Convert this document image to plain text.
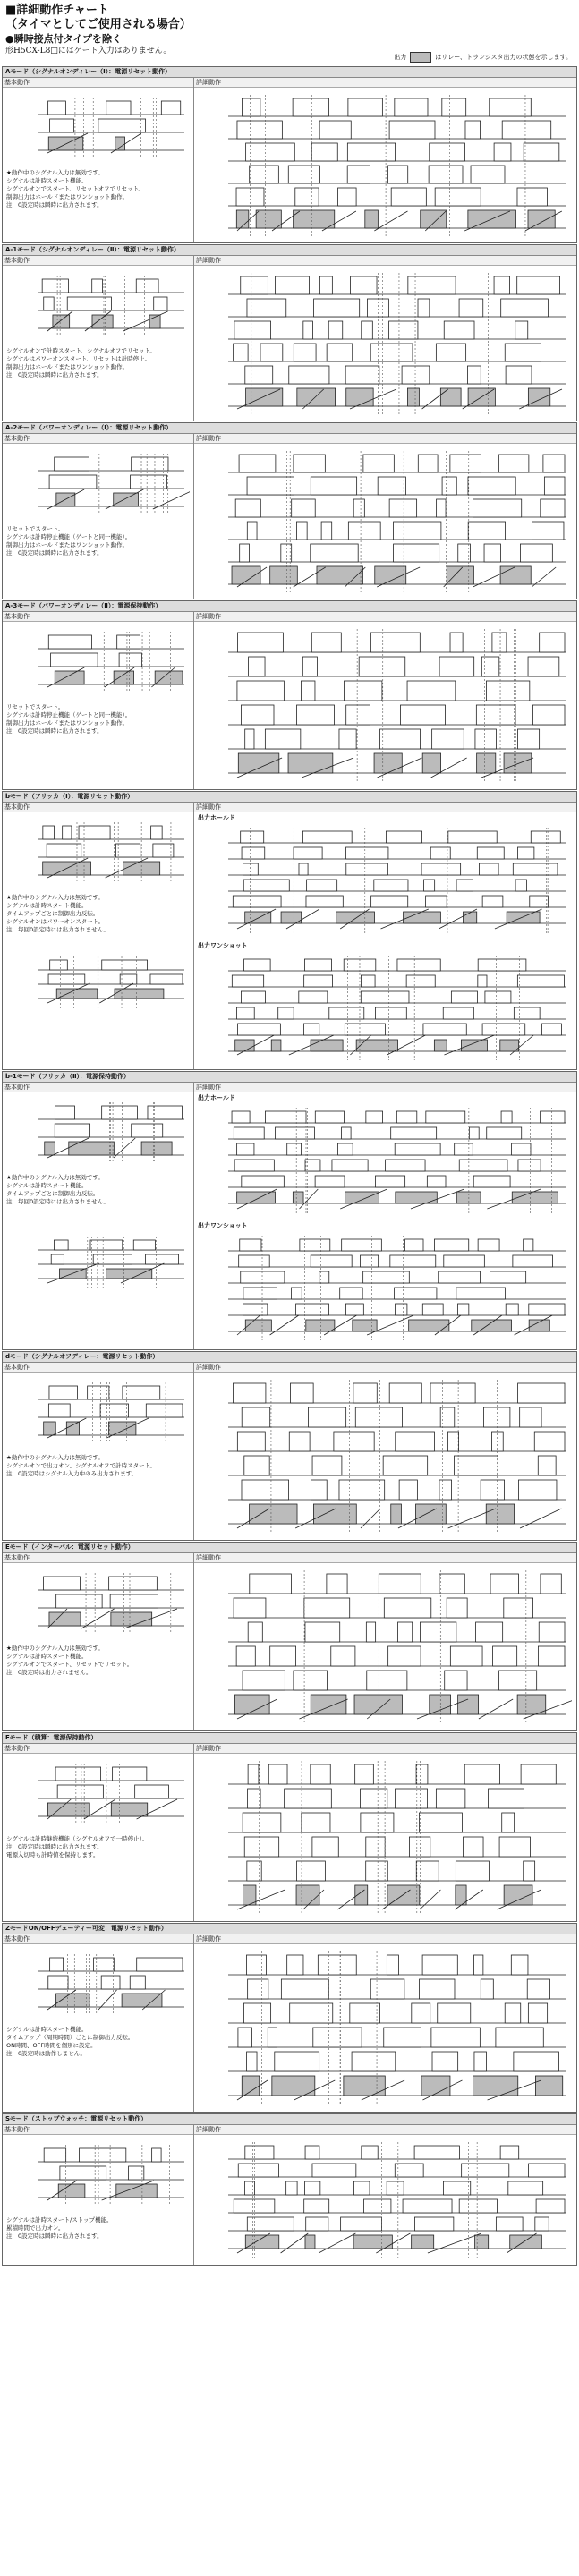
■詳細動作チャート
（タイマとしてご使用される場合）
●瞬時接点付タイプを除く
形H5CX-L8□にはゲート入力はありません。
出力	はリレー、トランジスタ出力の状態を示します。
Aモード（シグナルオンディレー（Ⅰ）：電源リセット動作）
基本動作
★動作中のシグナル入力は無効です。
シグナルは計時スタート機能。
シグナルオンでスタート、リセットオフでリセット。
制御出力はホールドまたはワンショット動作。
注．0設定時は瞬時に出力されます。
詳細動作
A-1モード（シグナルオンディレー（Ⅱ）：電源リセット動作）
基本動作
シグナルオンで計時スタート、シグナルオフでリセット。
シグナルはパワーオンスタート、リセットは計時停止。
制御出力はホールドまたはワンショット動作。
注．0設定時は瞬時に出力されます。
詳細動作
A-2モード（パワーオンディレー（Ⅰ）：電源リセット動作）
基本動作
リセットでスタート。
シグナルは計時停止機能（ゲートと同一機能）。
制御出力はホールドまたはワンショット動作。
注．0設定時は瞬時に出力されます。
詳細動作
A-3モード（パワーオンディレー（Ⅱ）：電源保持動作）
基本動作
リセットでスタート。
シグナルは計時停止機能（ゲートと同一機能）。
制御出力はホールドまたはワンショット動作。
注．0設定時は瞬時に出力されます。
詳細動作
bモード（フリッカ（Ⅰ）：電源リセット動作）
基本動作
★動作中のシグナル入力は無効です。
シグナルは計時スタート機能。
タイムアップごとに制御出力反転。
シグナルオンはパワーオンスタート。
注．毎回0設定時には出力されません。
詳細動作
出力ホールド
出力ワンショット
b-1モード（フリッカ（Ⅱ）：電源保持動作）
基本動作
★動作中のシグナル入力は無効です。
シグナルは計時スタート機能。
タイムアップごとに制御出力反転。
注．毎回0設定時には出力されません。
詳細動作
出力ホールド
出力ワンショット
dモード（シグナルオフディレー：電源リセット動作）
基本動作
★動作中のシグナル入力は無効です。
シグナルオンで出力オン、シグナルオフで計時スタート。
注．0設定時はシグナル入力中のみ出力されます。
詳細動作
Eモード（インターバル：電源リセット動作）
基本動作
★動作中のシグナル入力は無効です。
シグナルは計時スタート機能。
シグナルオンでスタート、リセットでリセット。
注．0設定時は出力されません。
詳細動作
Fモード（積算：電源保持動作）
基本動作
シグナルは計時継続機能（シグナルオフで一時停止）。
注．0設定時は瞬時に出力されます。
電源入切時も計時値を保持します。
詳細動作
ZモードON/OFFデューティー可変：電源リセット動作）
基本動作
シグナルは計時スタート機能。
タイムアップ（周期時間）ごとに制御出力反転。
ON時間、OFF時間を個別に設定。
注．0設定時は動作しません。
詳細動作
Sモード（ストップウォッチ：電源リセット動作）
基本動作
シグナルは計時スタート/ストップ機能。
累積時間で出力オン。
注．0設定時は瞬時に出力されます。
詳細動作
